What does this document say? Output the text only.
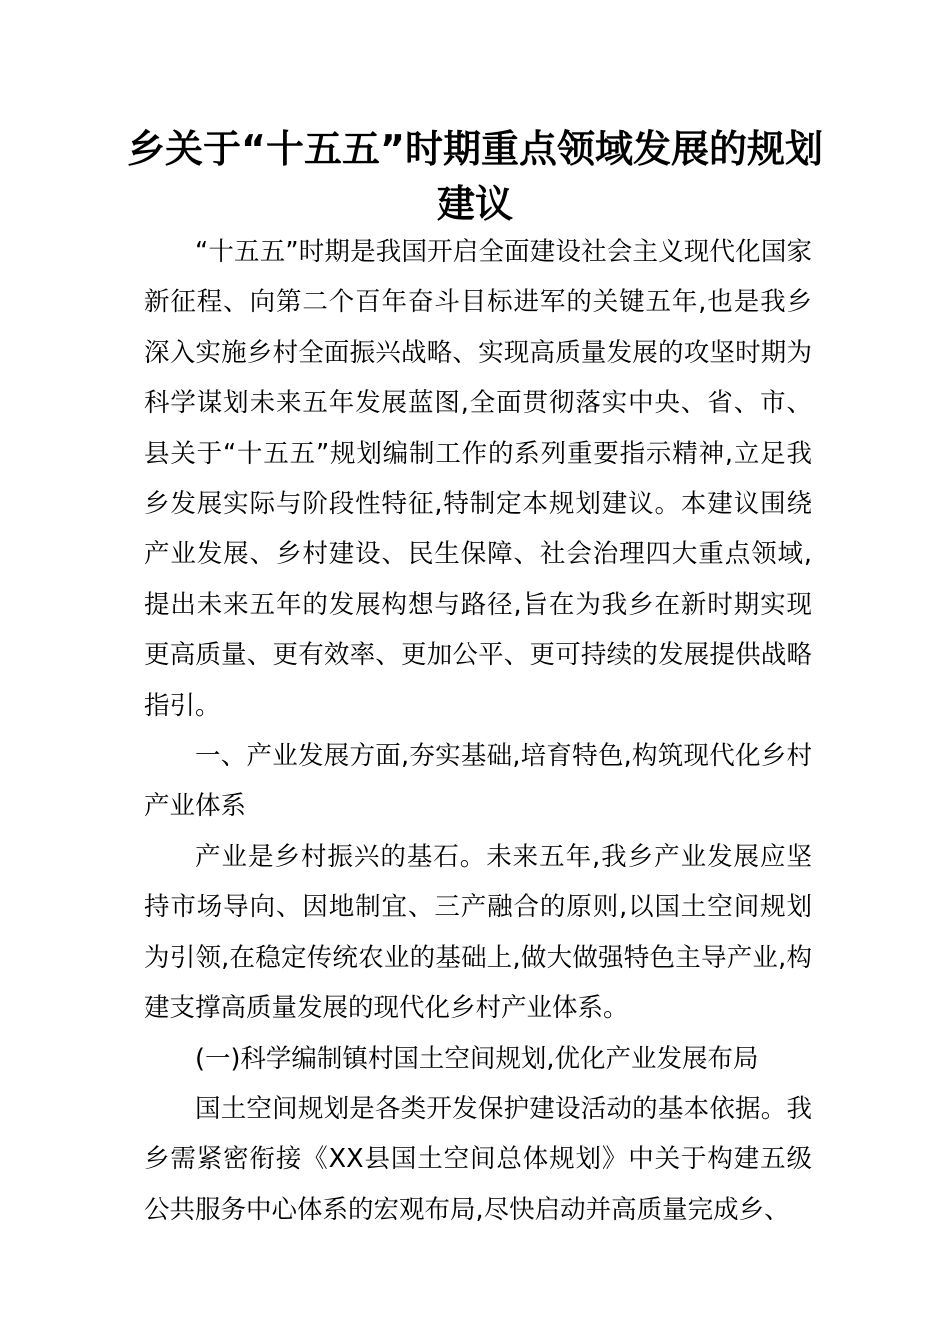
乡关于“十五五”时期重点领域发展的规划建议

“十五五”时期是我国开启全面建设社会主义现代化国家新征程、向第二个百年奋斗目标进军的关键五年,也是我乡深入实施乡村全面振兴战略、实现高质量发展的攻坚时期为科学谋划未来五年发展蓝图,全面贯彻落实中央、省、市、县关于“十五五”规划编制工作的系列重要指示精神,立足我乡发展实际与阶段性特征,特制定本规划建议。本建议围绕产业发展、乡村建设、民生保障、社会治理四大重点领域,提出未来五年的发展构想与路径,旨在为我乡在新时期实现更高质量、更有效率、更加公平、更可持续的发展提供战略指引。

一、产业发展方面,夯实基础,培育特色,构筑现代化乡村产业体系

产业是乡村振兴的基石。未来五年,我乡产业发展应坚持市场导向、因地制宜、三产融合的原则,以国土空间规划为引领,在稳定传统农业的基础上,做大做强特色主导产业,构建支撑高质量发展的现代化乡村产业体系。

(一)科学编制镇村国土空间规划,优化产业发展布局

国土空间规划是各类开发保护建设活动的基本依据。我乡需紧密衔接《XX县国土空间总体规划》中关于构建五级公共服务中心体系的宏观布局,尽快启动并高质量完成乡、
